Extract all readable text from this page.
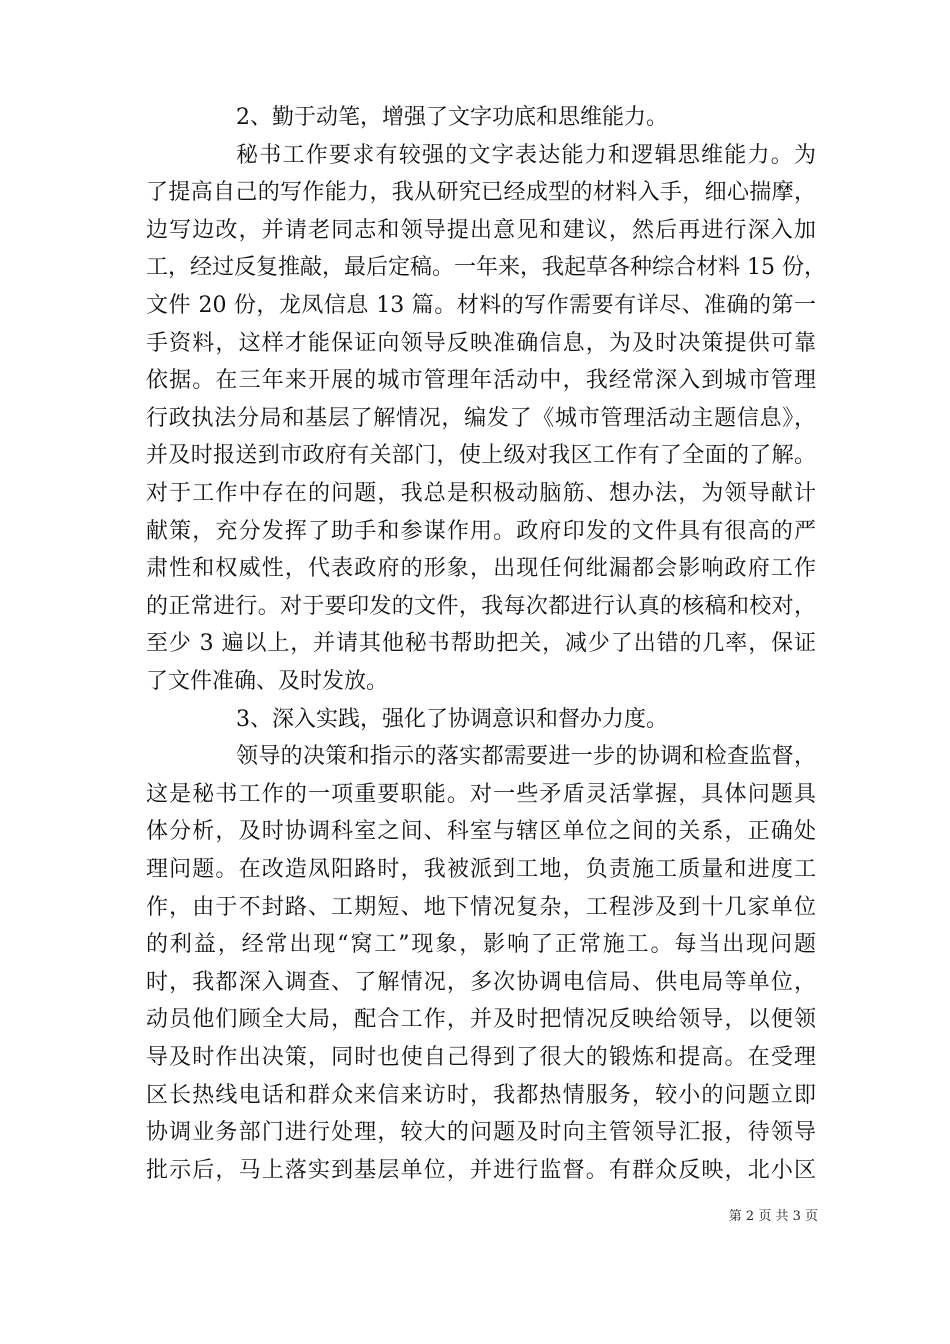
2、勤于动笔，增强了文字功底和思维能力。
秘书工作要求有较强的文字表达能力和逻辑思维能力。为
了提高自己的写作能力，我从研究已经成型的材料入手，细心揣摩，
边写边改，并请老同志和领导提出意见和建议，然后再进行深入加
工，经过反复推敲，最后定稿。一年来，我起草各种综合材料 15 份，
文件 20 份，龙凤信息 13 篇。材料的写作需要有详尽、准确的第一
手资料，这样才能保证向领导反映准确信息，为及时决策提供可靠
依据。在三年来开展的城市管理年活动中，我经常深入到城市管理
行政执法分局和基层了解情况，编发了《城市管理活动主题信息》，
并及时报送到市政府有关部门，使上级对我区工作有了全面的了解。
对于工作中存在的问题，我总是积极动脑筋、想办法，为领导献计
献策，充分发挥了助手和参谋作用。政府印发的文件具有很高的严
肃性和权威性，代表政府的形象，出现任何纰漏都会影响政府工作
的正常进行。对于要印发的文件，我每次都进行认真的核稿和校对，
至少 3 遍以上，并请其他秘书帮助把关，减少了出错的几率，保证
了文件准确、及时发放。
3、深入实践，强化了协调意识和督办力度。
领导的决策和指示的落实都需要进一步的协调和检查监督，
这是秘书工作的一项重要职能。对一些矛盾灵活掌握，具体问题具
体分析，及时协调科室之间、科室与辖区单位之间的关系，正确处
理问题。在改造凤阳路时，我被派到工地，负责施工质量和进度工
作，由于不封路、工期短、地下情况复杂，工程涉及到十几家单位
的利益，经常出现“窝工”现象，影响了正常施工。每当出现问题
时，我都深入调查、了解情况，多次协调电信局、供电局等单位，
动员他们顾全大局，配合工作，并及时把情况反映给领导，以便领
导及时作出决策，同时也使自己得到了很大的锻炼和提高。在受理
区长热线电话和群众来信来访时，我都热情服务，较小的问题立即
协调业务部门进行处理，较大的问题及时向主管领导汇报，待领导
批示后，马上落实到基层单位，并进行监督。有群众反映，北小区
第 2 页 共 3 页
